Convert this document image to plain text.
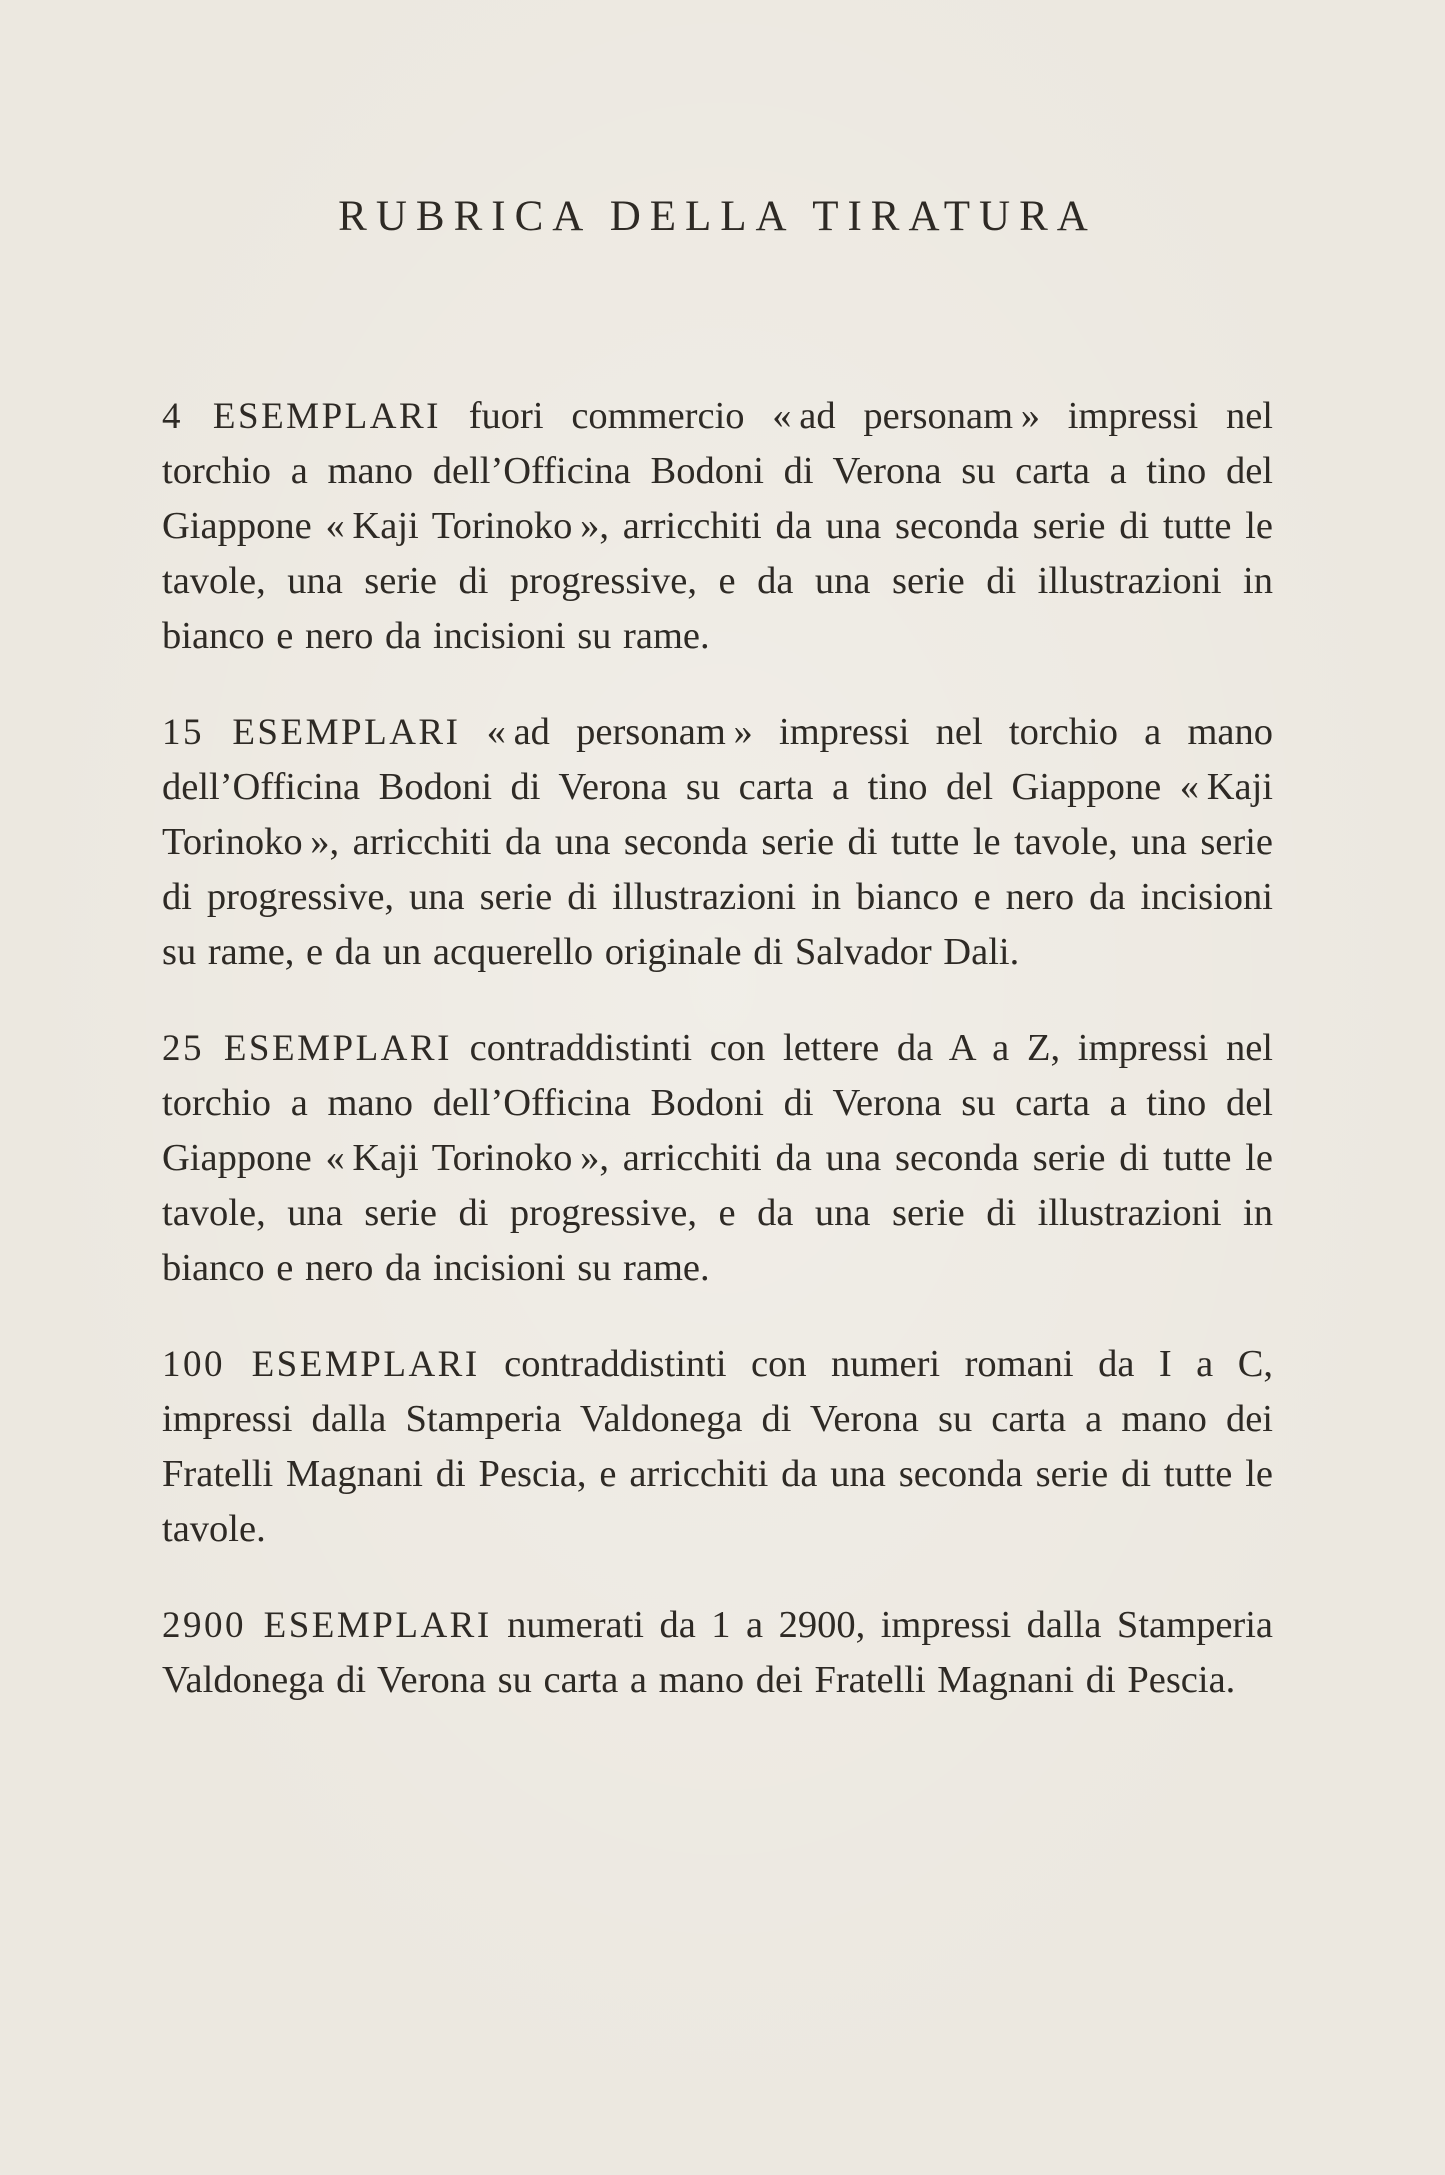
RUBRICA DELLA TIRATURA

4 ESEMPLARI fuori commercio « ad personam » impressi nel torchio a mano dell’Officina Bodoni di Verona su carta a tino del Giappone « Kaji Torinoko », arricchiti da una seconda serie di tutte le tavole, una serie di progressive, e da una serie di illustrazioni in bianco e nero da incisioni su rame.

15 ESEMPLARI « ad personam » impressi nel torchio a mano dell’Officina Bodoni di Verona su carta a tino del Giappone « Kaji Torinoko », arricchiti da una seconda serie di tutte le tavole, una serie di progressive, una serie di illustrazioni in bianco e nero da incisioni su rame, e da un acquerello originale di Salvador Dali.

25 ESEMPLARI contraddistinti con lettere da A a Z, impressi nel torchio a mano dell’Officina Bodoni di Verona su carta a tino del Giappone « Kaji Torinoko », arricchiti da una seconda serie di tutte le tavole, una serie di progressive, e da una serie di illustrazioni in bianco e nero da incisioni su rame.

100 ESEMPLARI contraddistinti con numeri romani da I a C, impressi dalla Stamperia Valdonega di Verona su carta a mano dei Fratelli Magnani di Pescia, e arricchiti da una seconda serie di tutte le tavole.

2900 ESEMPLARI numerati da 1 a 2900, impressi dalla Stamperia Valdonega di Verona su carta a mano dei Fratelli Magnani di Pescia.
